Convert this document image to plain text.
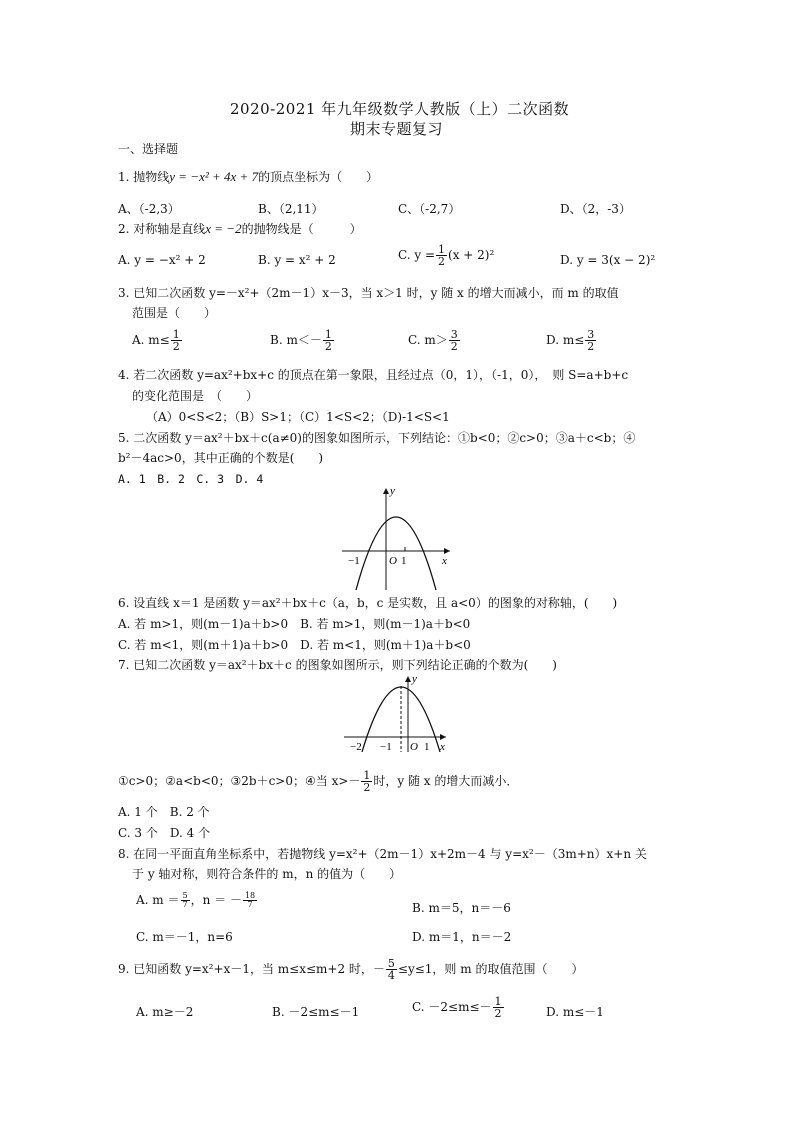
2020-2021 年九年级数学人教版（上）二次函数
期末专题复习
一、选择题
1. 抛物线y = −x² + 4x + 7的顶点坐标为（　　）
A、（-2,3）	B、（2,11）	C、（-2,7）	D、（2，-3）
2. 对称轴是直线x = −2的抛物线是（　　　）
A. y = −x² + 2	B. y = x² + 2	C. $y = \frac{1}{2} (x + 2)^2$	D. y = 3(x − 2)²
3. 已知二次函数 y=－x²+（2m－1）x－3，当 x＞1 时，y 随 x 的增大而减小，而 m 的取值
范围是（　　）
A. $m\le \frac{1}{2}$	B. $m<- \frac{1}{2}$	C. $m> \frac{3}{2}$	D. $m\le \frac{3}{2}$
4. 若二次函数 y=ax²+bx+c 的顶点在第一象限，且经过点（0，1），（-1，0），　则 S=a+b+c
的变化范围是　（　　）
（A）0<S<2；（B）S>1；（C）1<S<2；（D)-1<S<1
5. 二次函数 y＝ax²＋bx＋c(a≠0)的图象如图所示，下列结论：①b<0；②c>0；③a＋c<b；④
b²－4ac>0，其中正确的个数是(　　)
A. 1　B. 2　C. 3　D. 4
y
x
O
−1	1
6. 设直线 x＝1 是函数 y＝ax²＋bx＋c（a，b，c 是实数，且 a<0）的图象的对称轴，(　　)
A. 若 m>1，则(m－1)a＋b>0　B. 若 m>1，则(m－1)a＋b<0
C. 若 m<1，则(m＋1)a＋b>0　D. 若 m<1，则(m＋1)a＋b<0
7. 已知二次函数 y＝ax²＋bx＋c 的图象如图所示，则下列结论正确的个数为(　　)
y
x
O
−2 −1	1
①c>0；②a<b<0；③2b＋c>0；④当 $x>- \frac{1}{2}$ 时，y 随 x 的增大而减小．
A. 1 个　B. 2 个
C. 3 个　D. 4 个
8. 在同一平面直角坐标系中，若抛物线 y=x²+（2m－1）x+2m－4 与 y=x²－（3m+n）x+n 关
于 y 轴对称，则符合条件的 m，n 的值为（　　）
A. $m = \frac{5}{7}$ ，n ＝ － $\frac{18}{7}$	B. m＝5，n＝－6
C. m＝－1，n=6	D. m＝1，n＝－2
9. 已知函数 y=x²+x－1，当 m≤x≤m+2 时，－ $\frac{5}{4} \le y\le 1$，则 m 的取值范围（　　）
A. m≥－2	B. －2≤m≤－1	C. $-2\le m\le- \frac{1}{2}$	D. m≤－1
